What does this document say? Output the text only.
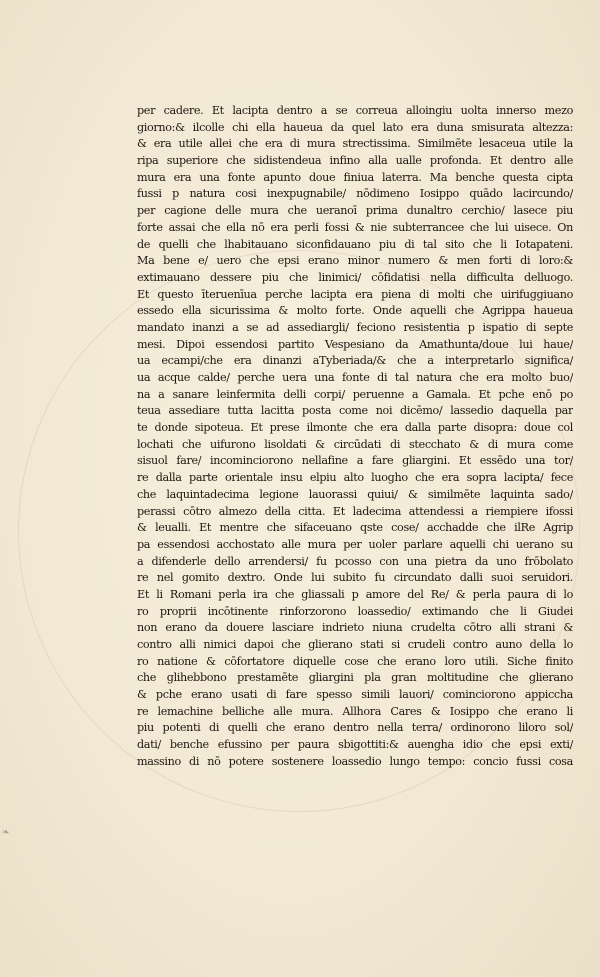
❧
per cadere. Et lacipta dentro a se correua alloingiu uolta innerso mezo
giorno:& ilcolle chi ella haueua da quel lato era duna smisurata altezza:
& era utile allei che era di mura strectissima. Similmēte lesaceua utile la
ripa superiore che sidistendeua infino alla ualle profonda. Et dentro alle
mura era una fonte apunto doue finiua laterra. Ma benche questa cipta
fussi p natura cosi inexpugnabile/ nōdimeno Iosippo quādo lacircundo/
per cagione delle mura che ueranoī prima dunaltro cerchio/ lasece piu
forte assai che ella nō era perli fossi & nie subterrancee che lui uisece. On
de quelli che lhabitauano siconfidauano piu di tal sito che li Iotapateni.
Ma bene e/ uero che epsi erano minor numero & men forti di loro:&
extimauano dessere piu che linimici/ cōfidatisi nella difficulta delluogo.
Et questo īteruenīua perche lacipta era piena di molti che uirifuggiuano
essedo ella sicurissima & molto forte. Onde aquelli che Agrippa haueua
mandato inanzi a se ad assediargli/ feciono resistentia p ispatio di septe
mesi. Dipoi essendosi partito Vespesiano da Amathunta/doue lui haue/
ua ecampi/che era dinanzi aTyberiada/& che a interpretarlo significa/
ua acque calde/ perche uera una fonte di tal natura che era molto buo/
na a sanare leinfermita delli corpi/ peruenne a Gamala. Et pche enō po
teua assediare tutta lacitta posta come noi dicēmo/ lassedio daquella par
te donde sipoteua. Et prese ilmonte che era dalla parte disopra: doue col
lochati che uifurono lisoldati & circūdati di stecchato & di mura come
sisuol fare/ incominciorono nellafine a fare gliargini. Et essēdo una tor/
re dalla parte orientale insu elpiu alto luogho che era sopra lacipta/ fece
che laquintadecima legione lauorassi quiui/ & similmēte laquinta sado/
perassi cōtro almezo della citta. Et ladecima attendessi a riempiere ifossi
& leualli. Et mentre che sifaceuano qste cose/ acchadde che ilRe Agrip
pa essendosi acchostato alle mura per uoler parlare aquelli chi uerano su
a difenderle dello arrendersi/ fu pcosso con una pietra da uno frōbolato
re nel gomito dextro. Onde lui subito fu circundato dalli suoi seruidori.
Et li Romani perla ira che gliassali p amore del Re/ & perla paura di lo
ro proprii incōtinente rinforzorono loassedio/ extimando che li Giudei
non erano da douere lasciare indrieto niuna crudelta cōtro alli strani &
contro alli nimici dapoi che glierano stati si crudeli contro auno della lo
ro natione & cōfortatore diquelle cose che erano loro utili. Siche finito
che glihebbono prestamēte gliargini pla gran moltitudine che glierano
& pche erano usati di fare spesso simili lauori/ cominciorono appiccha
re lemachine belliche alle mura. Allhora Cares & Iosippo che erano li
piu potenti di quelli che erano dentro nella terra/ ordinorono liloro sol/
dati/ benche efussino per paura sbigottiti:& auengha idio che epsi exti/
massino di nō potere sostenere loassedio lungo tempo: concio fussi cosa
